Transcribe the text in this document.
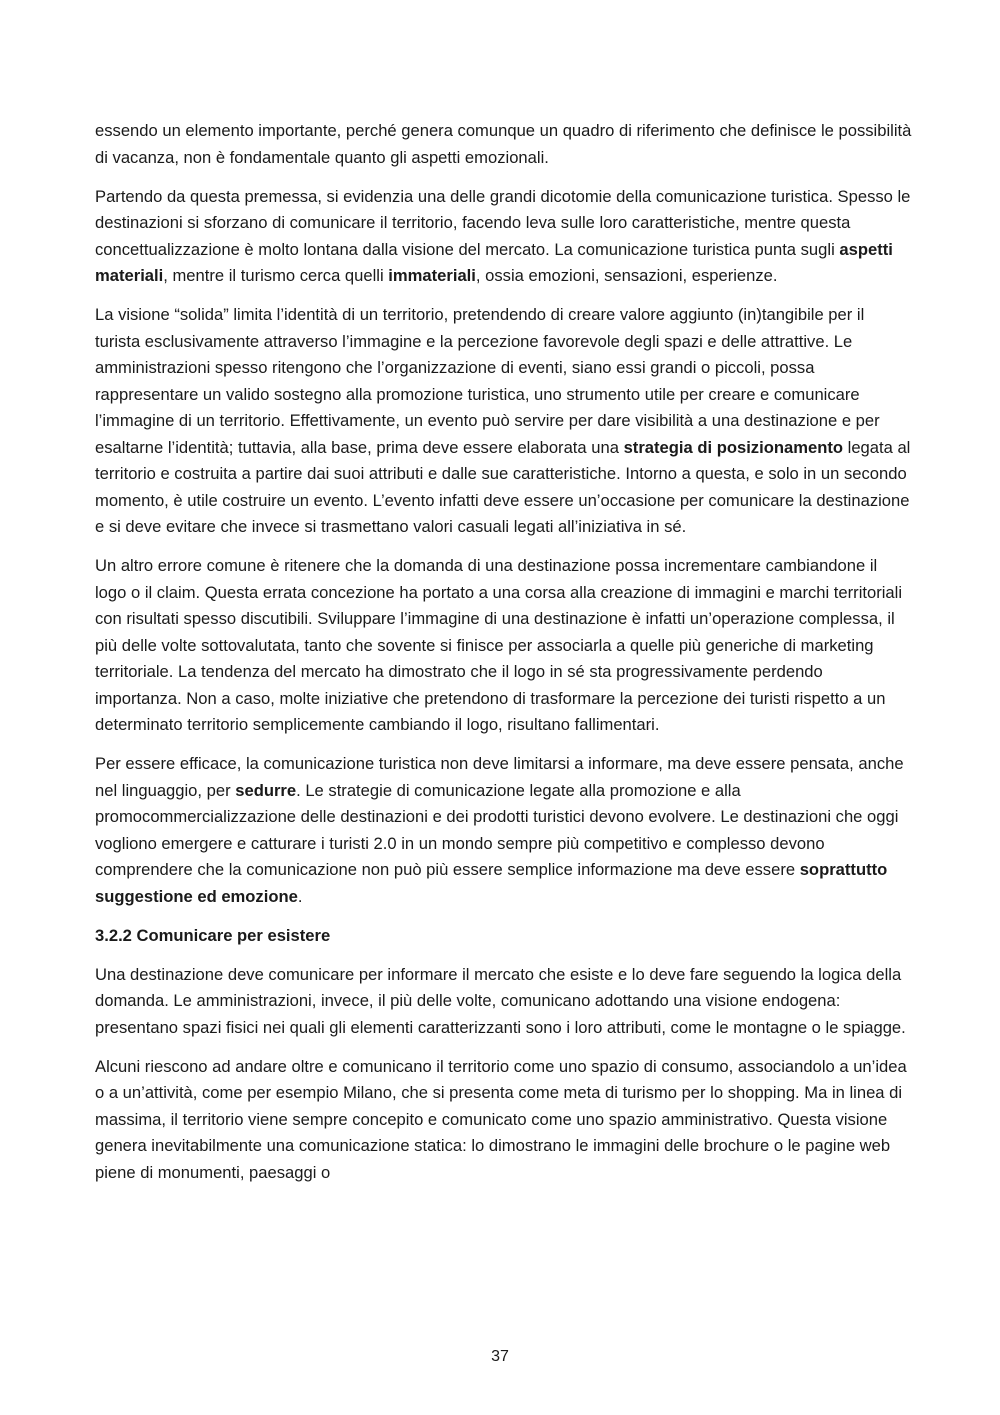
essendo un elemento importante, perché genera comunque un quadro di riferimento che definisce le possibilità di vacanza, non è fondamentale quanto gli aspetti emozionali.

Partendo da questa premessa, si evidenzia una delle grandi dicotomie della comunicazione turistica. Spesso le destinazioni si sforzano di comunicare il territorio, facendo leva sulle loro caratteristiche, mentre questa concettualizzazione è molto lontana dalla visione del mercato. La comunicazione turistica punta sugli aspetti materiali, mentre il turismo cerca quelli immateriali, ossia emozioni, sensazioni, esperienze.

La visione “solida” limita l’identità di un territorio, pretendendo di creare valore aggiunto (in)tangibile per il turista esclusivamente attraverso l’immagine e la percezione favorevole degli spazi e delle attrattive. Le amministrazioni spesso ritengono che l’organizzazione di eventi, siano essi grandi o piccoli, possa rappresentare un valido sostegno alla promozione turistica, uno strumento utile per creare e comunicare l’immagine di un territorio. Effettivamente, un evento può servire per dare visibilità a una destinazione e per esaltarne l’identità; tuttavia, alla base, prima deve essere elaborata una strategia di posizionamento legata al territorio e costruita a partire dai suoi attributi e dalle sue caratteristiche. Intorno a questa, e solo in un secondo momento, è utile costruire un evento. L’evento infatti deve essere un’occasione per comunicare la destinazione e si deve evitare che invece si trasmettano valori casuali legati all’iniziativa in sé.

Un altro errore comune è ritenere che la domanda di una destinazione possa incrementare cambiandone il logo o il claim. Questa errata concezione ha portato a una corsa alla creazione di immagini e marchi territoriali con risultati spesso discutibili. Sviluppare l’immagine di una destinazione è infatti un’operazione complessa, il più delle volte sottovalutata, tanto che sovente si finisce per associarla a quelle più generiche di marketing territoriale. La tendenza del mercato ha dimostrato che il logo in sé sta progressivamente perdendo importanza. Non a caso, molte iniziative che pretendono di trasformare la percezione dei turisti rispetto a un determinato territorio semplicemente cambiando il logo, risultano fallimentari.

Per essere efficace, la comunicazione turistica non deve limitarsi a informare, ma deve essere pensata, anche nel linguaggio, per sedurre. Le strategie di comunicazione legate alla promozione e alla promocommercializzazione delle destinazioni e dei prodotti turistici devono evolvere. Le destinazioni che oggi vogliono emergere e catturare i turisti 2.0 in un mondo sempre più competitivo e complesso devono comprendere che la comunicazione non può più essere semplice informazione ma deve essere soprattutto suggestione ed emozione.

3.2.2 Comunicare per esistere

Una destinazione deve comunicare per informare il mercato che esiste e lo deve fare seguendo la logica della domanda. Le amministrazioni, invece, il più delle volte, comunicano adottando una visione endogena: presentano spazi fisici nei quali gli elementi caratterizzanti sono i loro attributi, come le montagne o le spiagge.

Alcuni riescono ad andare oltre e comunicano il territorio come uno spazio di consumo, associandolo a un’idea o a un’attività, come per esempio Milano, che si presenta come meta di turismo per lo shopping. Ma in linea di massima, il territorio viene sempre concepito e comunicato come uno spazio amministrativo. Questa visione genera inevitabilmente una comunicazione statica: lo dimostrano le immagini delle brochure o le pagine web piene di monumenti, paesaggi o

37
